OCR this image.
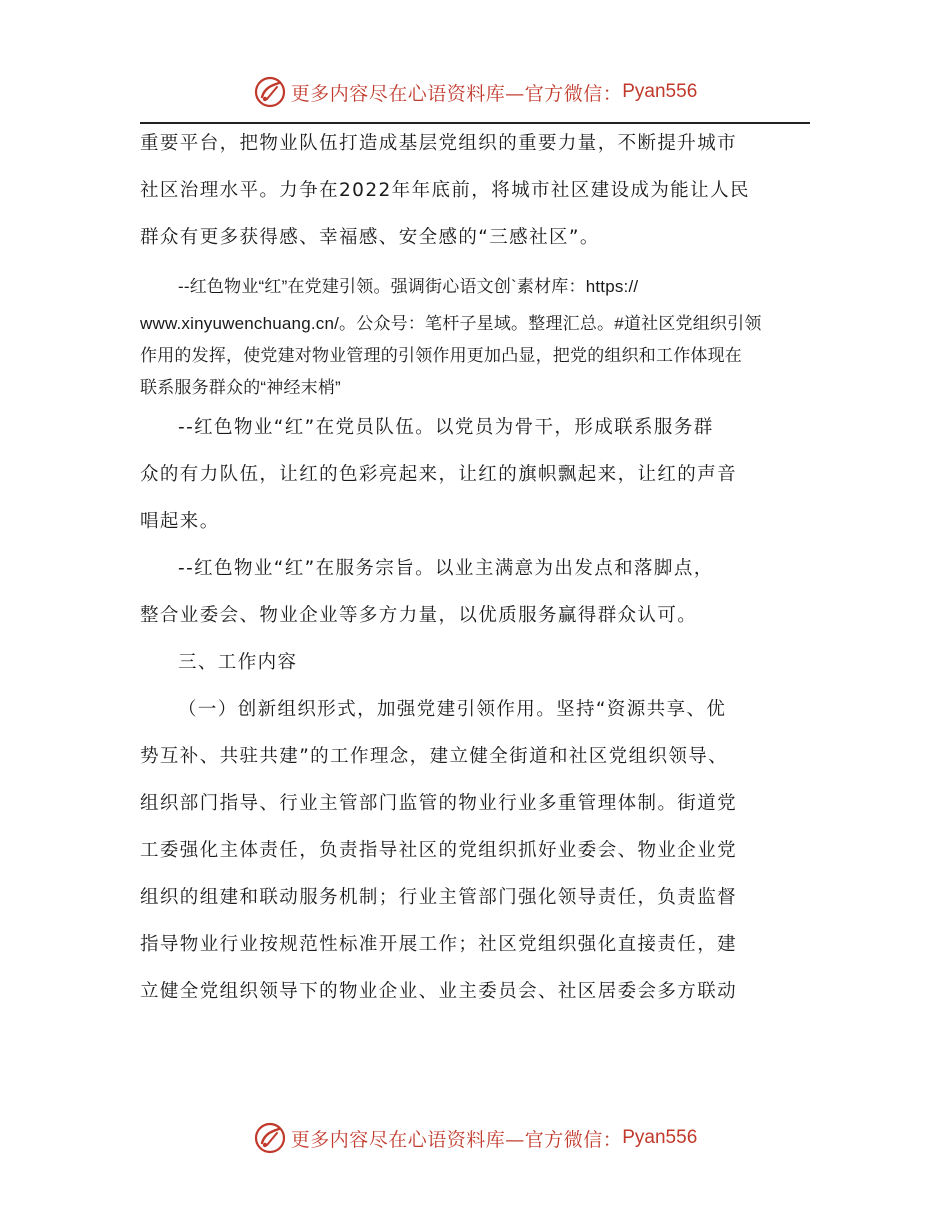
更多内容尽在心语资料库—官方微信： Pyan556

重要平台，把物业队伍打造成基层党组织的重要力量，不断提升城市

社区治理水平。力争在2022年年底前，将城市社区建设成为能让人民

群众有更多获得感、幸福感、安全感的“三感社区”。

--红色物业“红”在党建引领。强调街心语文创`素材库：https://

www.xinyuwenchuang.cn/。公众号：笔杆子星域。整理汇总。#道社区党组织引领

作用的发挥，使党建对物业管理的引领作用更加凸显，把党的组织和工作体现在

联系服务群众的“神经末梢”

--红色物业“红”在党员队伍。以党员为骨干，形成联系服务群

众的有力队伍，让红的色彩亮起来，让红的旗帜飘起来，让红的声音

唱起来。

--红色物业“红”在服务宗旨。以业主满意为出发点和落脚点，

整合业委会、物业企业等多方力量，以优质服务赢得群众认可。

三、工作内容

（一）创新组织形式，加强党建引领作用。坚持“资源共享、优

势互补、共驻共建”的工作理念，建立健全街道和社区党组织领导、

组织部门指导、行业主管部门监管的物业行业多重管理体制。街道党

工委强化主体责任，负责指导社区的党组织抓好业委会、物业企业党

组织的组建和联动服务机制；行业主管部门强化领导责任，负责监督

指导物业行业按规范性标准开展工作；社区党组织强化直接责任，建

立健全党组织领导下的物业企业、业主委员会、社区居委会多方联动

更多内容尽在心语资料库—官方微信： Pyan556
